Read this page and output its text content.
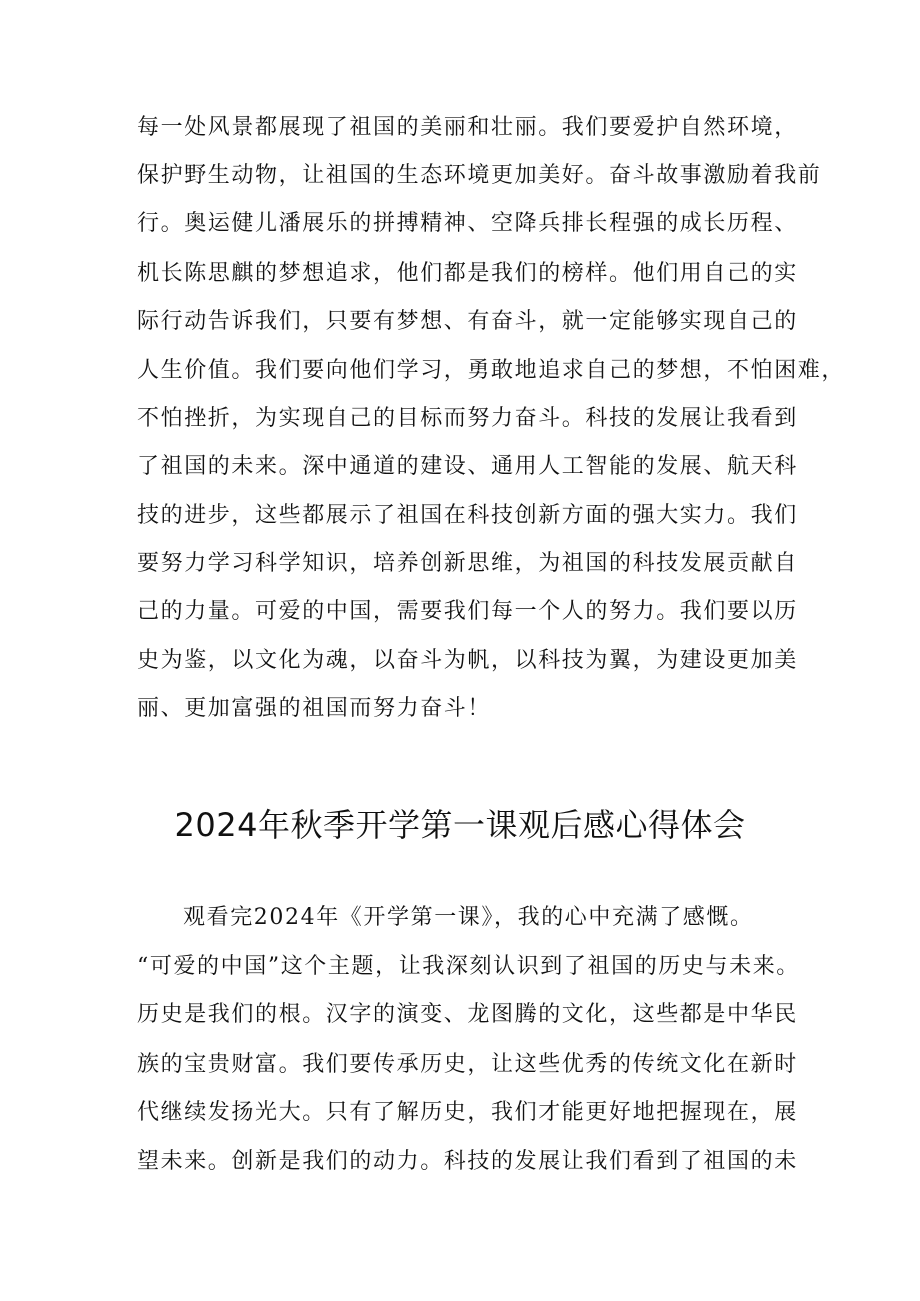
每一处风景都展现了祖国的美丽和壮丽。我们要爱护自然环境，
保护野生动物，让祖国的生态环境更加美好。奋斗故事激励着我前
行。奥运健儿潘展乐的拼搏精神、空降兵排长程强的成长历程、
机长陈思麒的梦想追求，他们都是我们的榜样。他们用自己的实
际行动告诉我们，只要有梦想、有奋斗，就一定能够实现自己的
人生价值。我们要向他们学习，勇敢地追求自己的梦想，不怕困难，
不怕挫折，为实现自己的目标而努力奋斗。科技的发展让我看到
了祖国的未来。深中通道的建设、通用人工智能的发展、航天科
技的进步，这些都展示了祖国在科技创新方面的强大实力。我们
要努力学习科学知识，培养创新思维，为祖国的科技发展贡献自
己的力量。可爱的中国，需要我们每一个人的努力。我们要以历
史为鉴，以文化为魂，以奋斗为帆，以科技为翼，为建设更加美
丽、更加富强的祖国而努力奋斗！
2024年秋季开学第一课观后感心得体会
观看完2024年《开学第一课》，我的心中充满了感慨。
“可爱的中国”这个主题，让我深刻认识到了祖国的历史与未来。
历史是我们的根。汉字的演变、龙图腾的文化，这些都是中华民
族的宝贵财富。我们要传承历史，让这些优秀的传统文化在新时
代继续发扬光大。只有了解历史，我们才能更好地把握现在，展
望未来。创新是我们的动力。科技的发展让我们看到了祖国的未
